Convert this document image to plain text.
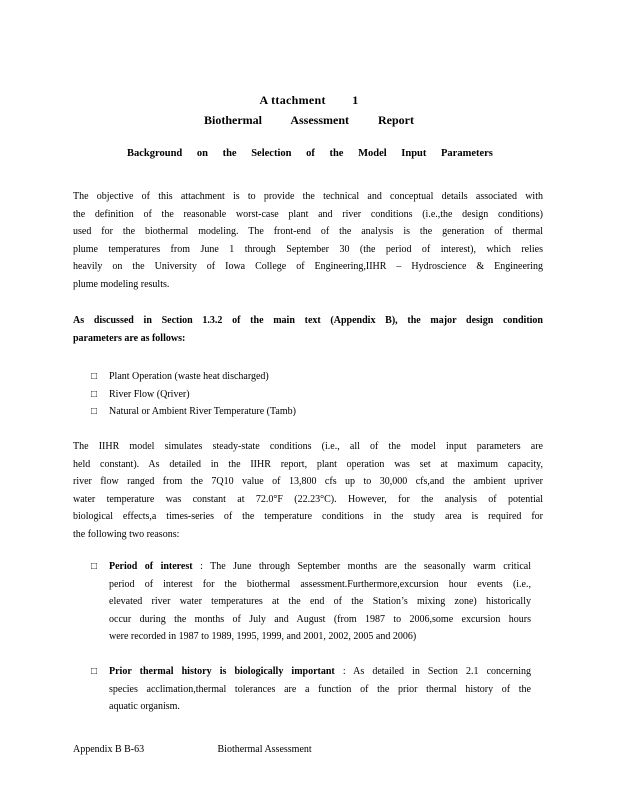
A ttachment        1
Biothermal Assessment Report
Background on the Selection of the Model Input Parameters
The objective of this attachment is to provide the technical and conceptual details associated with
the definition of the reasonable worst-case plant and river conditions (i.e.,the design conditions)
used for the biothermal modeling. The front-end of the analysis is the generation of thermal
plume temperatures from June 1 through September 30 (the period of interest), which relies
heavily on the University of Iowa College of Engineering,IIHR – Hydroscience & Engineering
plume modeling results.
As discussed in Section 1.3.2 of the main text (Appendix B), the major design condition
parameters are as follows:
□	Plant Operation (waste heat discharged)
□	River Flow (Qriver)
□	Natural or Ambient River Temperature (Tamb)
The IIHR model simulates steady-state conditions (i.e., all of the model input parameters are
held constant). As detailed in the IIHR report, plant operation was set at maximum capacity,
river flow ranged from the 7Q10 value of 13,800 cfs up to 30,000 cfs,and the ambient upriver
water temperature was constant at 72.0°F (22.23°C). However, for the analysis of potential
biological effects,a times-series of the temperature conditions in the study area is required for
the following two reasons:
□	Period of interest : The June through September months are the seasonally warm critical
period of interest for the biothermal assessment.Furthermore,excursion hour events (i.e.,
elevated river water temperatures at the end of the Station’s mixing zone) historically
occur during the months of July and August (from 1987 to 2006,some excursion hours
were recorded in 1987 to 1989, 1995, 1999, and 2001, 2002, 2005 and 2006)
□	Prior thermal history is biologically important : As detailed in Section 2.1 concerning
species acclimation,thermal tolerances are a function of the prior thermal history of the
aquatic organism.
Appendix B B-63	Biothermal Assessment
